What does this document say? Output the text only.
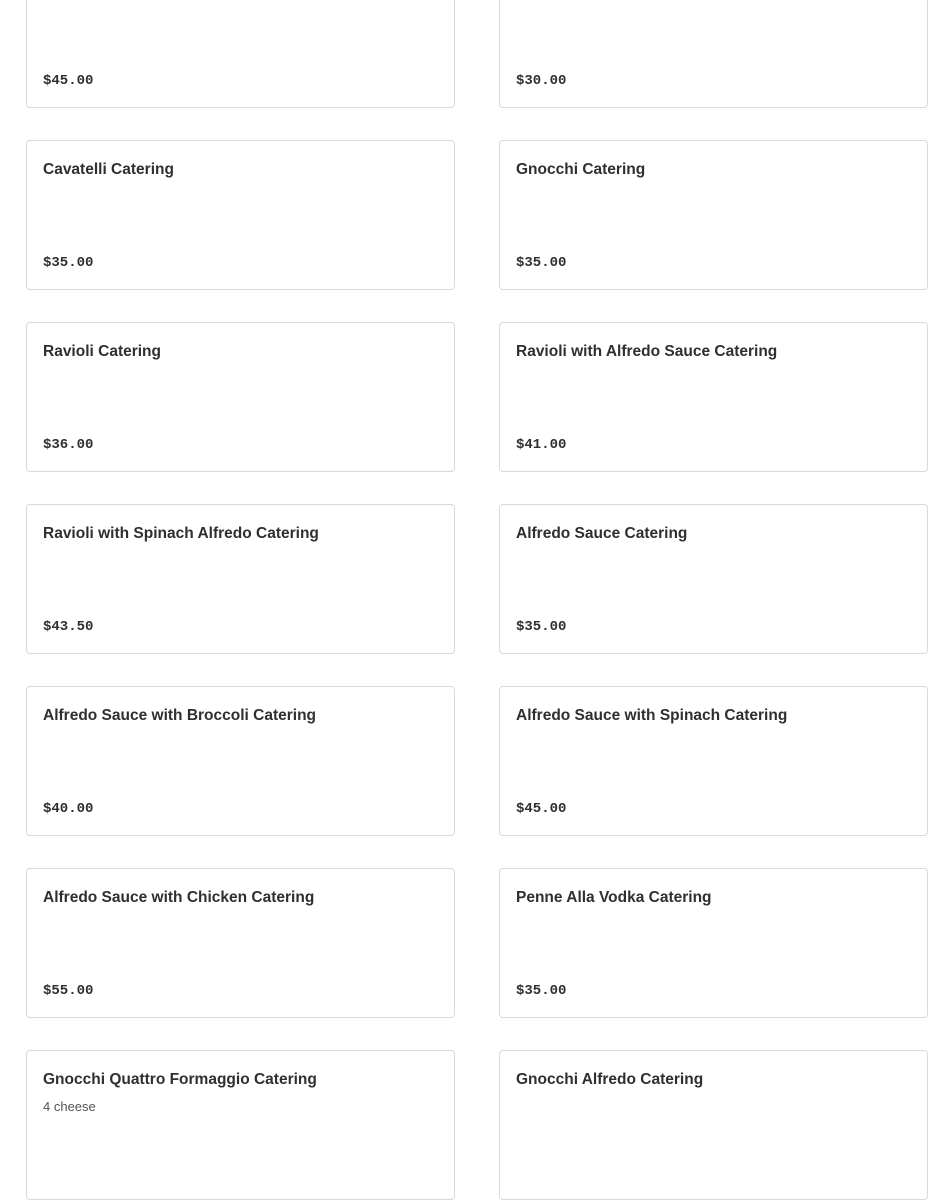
$45.00	$30.00
Cavatelli Catering
$35.00
Gnocchi Catering
$35.00
Ravioli Catering
$36.00
Ravioli with Alfredo Sauce Catering
$41.00
Ravioli with Spinach Alfredo Catering
$43.50
Alfredo Sauce Catering
$35.00
Alfredo Sauce with Broccoli Catering
$40.00
Alfredo Sauce with Spinach Catering
$45.00
Alfredo Sauce with Chicken Catering
$55.00
Penne Alla Vodka Catering
$35.00
Gnocchi Quattro Formaggio Catering
4 cheese
Gnocchi Alfredo Catering
